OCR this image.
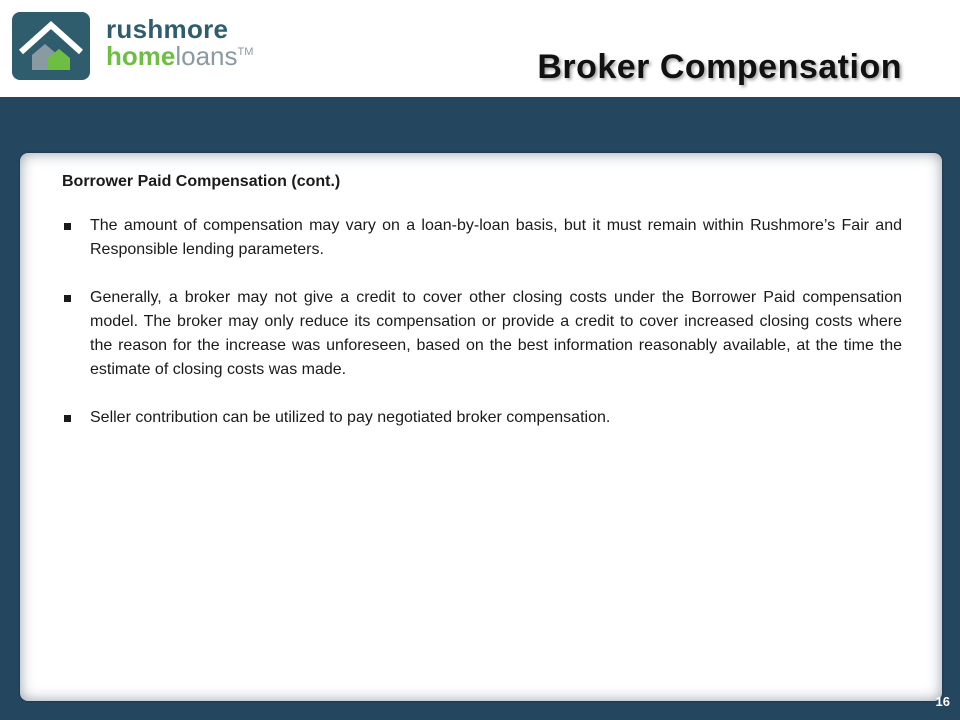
rushmore
homeloans™	Broker Compensation

Borrower Paid Compensation (cont.)

The amount of compensation may vary on a loan-by-loan basis, but it must remain within Rushmore’s Fair and Responsible lending parameters.
Generally, a broker may not give a credit to cover other closing costs under the Borrower Paid compensation model. The broker may only reduce its compensation or provide a credit to cover increased closing costs where the reason for the increase was unforeseen, based on the best information reasonably available, at the time the estimate of closing costs was made.
Seller contribution can be utilized to pay negotiated broker compensation.
16
